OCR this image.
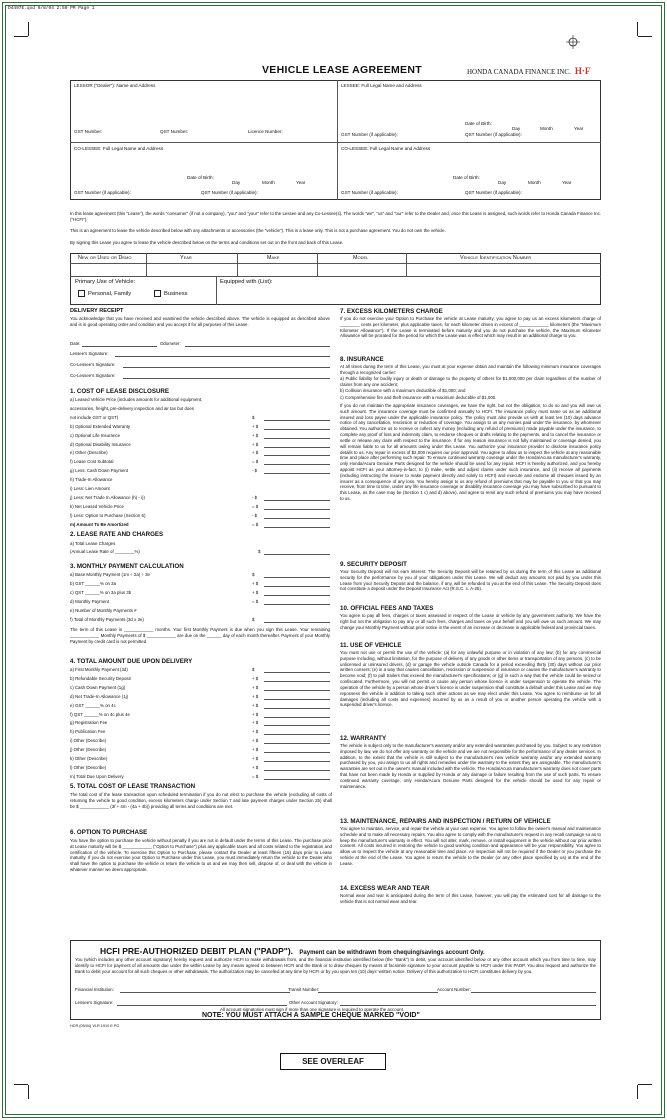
D4497E.qxd 9/8/04 2:50 PM Page 1
VEHICLE LEASE AGREEMENT	HONDA CANADA FINANCE INC. H·F
LESSOR ("Dealer"): Name and Address	LESSEE: Full Legal Name and Address
GST Number:	QST Number:	Licence Number:
Date of Birth:
Day	Month	Year
GST Number (if applicable):	QST Number (if applicable):
CO-LESSEE: Full Legal Name and Address	CO-LESSEE: Full Legal Name and Address
Date of Birth:
Day	Month	Year
GST Number (if applicable):	QST Number (if applicable):
Date of Birth:
Day	Month	Year
GST Number (if applicable):	QST Number (if applicable):
In this lease agreement (this "Lease"), the words "consumer" (if not a company), "you" and "your" refer to the Lessee and any Co-Lessee(s). The words "we", "us" and "our" refer to the Dealer and, once this Lease is assigned, such words refer to Honda Canada Finance Inc. ("HCFI").
This is an agreement to lease the vehicle described below with any attachments or accessories (the "vehicle"). This is a lease only. This is not a purchase agreement. You do not own the vehicle.
By signing this Lease you agree to lease the vehicle described below on the terms and conditions set out on the front and back of this Lease.
New or Used or Demo	Year	Make	Model	Vehicle Identification Number
Primary Use of Vehicle:
Personal, Family	Business
Equipped with (List):
DELIVERY RECEIPT
You acknowledge that you have received and examined the vehicle described above. The vehicle is equipped as described above and is in good operating order and condition and you accept it for all purposes of this Lease.
Date:	Odometer:
Lessee's Signature:
Co-Lessee's Signature:
Co-Lessee's Signature:
1. COST OF LEASE DISCLOSURE
a) Leased Vehicle Price (includes amounts for additional equipment,
accessories, freight, pre-delivery inspection and air tax but does
not include GST or QST)	$
b) Optional Extended Warranty	+ $
c) Optional Life Insurance	+ $
d) Optional Disability Insurance	+ $
e) Other (Describe)	+ $
f) Lease Cost Subtotal	= $
g) Less: Cash Down Payment	- $
h) Trade-In Allowance
i) Less: Lien Amount
j) Less: Net Trade In Allowance (h) - i))	- $
k) Net Leased Vehicle Price	= $
l) Less: Option to Purchase (Section 6)	- $
m) Amount To Be Amortized	= $
2. LEASE RATE AND CHARGES
a) Total Lease Charges
(Annual Lease Rate of ________%)	$
3. MONTHLY PAYMENT CALCULATION
a) Base Monthly Payment (1m ÷ 2a) ÷ 3e	$
b) GST ______% on 3a	+ $
c) QST ______% on 3a plus 3b	+ $
d) Monthly Payment	= $
e) Number of Monthly Payments #
f) Total of Monthly Payments (3d x 3e)	$
The term of this Lease is ____________ months. Your first Monthly Payment is due when you sign this Lease. Your remaining ____________ Monthly Payments of $ ____________ are due on the ______ day of each month thereafter. Payment of your Monthly Payment by credit card is not permitted.
4. TOTAL AMOUNT DUE UPON DELIVERY
a) First Monthly Payment (3d)	$
b) Refundable Security Deposit	+ $
c) Cash Down Payment (1g)	+ $
d) Net Trade-In Allowance (1j)	+ $
e) GST ______% on 4c	+ $
f) QST ______% on 4c plus 4e	+ $
g) Registration Fee	+ $
h) Publication Fee	+ $
i) Other (Describe)	+ $
j) Other (Describe)	+ $
k) Other (Describe)	+ $
l) Other (Describe)	+ $
m) Total Due Upon Delivery	= $
5. TOTAL COST OF LEASE TRANSACTION
The total cost of the lease transaction upon scheduled termination if you do not elect to purchase the vehicle (excluding all costs of returning the vehicle to good condition, excess kilometers charge under Section 7 and late payment charges under Section 25) shall be $ ____________ (3f + 4m - (4a + 4b)) providing all terms and conditions are met.
6. OPTION TO PURCHASE
You have the option to purchase the vehicle without penalty if you are not in default under the terms of this Lease. The purchase price at Lease maturity will be $ ____________ ("Option to Purchase") plus any applicable taxes and all costs related to the registration and certification of the vehicle. To exercise this Option to Purchase, please contact the Dealer at least fifteen (15) days prior to Lease maturity. If you do not exercise your Option to Purchase under this Lease, you must immediately return the vehicle to the Dealer who shall have the option to purchase the vehicle or return the vehicle to us and we may then sell, dispose of, or deal with the vehicle in whatever manner we deem appropriate.
7. EXCESS KILOMETERS CHARGE
If you do not exercise your Option to Purchase the vehicle at Lease maturity, you agree to pay us an excess kilometers charge of ________ cents per kilometer, plus applicable taxes, for each kilometer driven in excess of ____________ kilometers (the "Maximum Kilometer Allowance"). If the Lease is terminated before maturity and you do not purchase the vehicle, the Maximum Kilometer Allowance will be prorated for the period for which the Lease was in effect which may result in an additional charge to you.
8. INSURANCE
At all times during the term of this Lease, you must at your expense obtain and maintain the following minimum insurance coverages through a recognized carrier:
a) Public liability for bodily injury or death or damage to the property of others for $1,000,000 per claim regardless of the number of claims from any one accident;
b) Collision insurance with a maximum deductible of $1,000; and
c) Comprehensive fire and theft insurance with a maximum deductible of $1,000.
If you do not maintain the appropriate insurance coverages, we have the right, but not the obligation, to do so and you will owe us such amount. The insurance coverage must be confirmed annually to HCFI. The insurance policy must name us as an additional insured and loss payee under the applicable insurance policy. The policy must also provide us with at least ten (10) days advance notice of any cancellation, rescission or reduction of coverage. You assign to us any monies paid under the insurance, by whomever obtained. You authorize us to receive or collect any money (including any refund of premiums) made payable under the insurance, to complete any proof of loss and indemnity claim, to endorse cheques or drafts relating to the payments, and to cancel the insurance or settle or release any claim with respect to the insurance. If for any reason insurance is not fully maintained or coverage denied, you will remain liable to us for all amounts owing under this Lease. You authorize your insurance provider to disclose insurance policy details to us. Any repair in excess of $2,000 requires our prior approval. You agree to allow us to inspect the vehicle at any reasonable time and place after performing such repair. To ensure continued warranty coverage under the Honda/Acura manufacturer's warranty, only Honda/Acura Genuine Parts designed for the vehicle should be used for any repair. HCFI is hereby authorized, and you hereby appoint HCFI as your attorney-in-fact, to (i) make, settle and adjust claims under such insurance, and (ii) receive all payments (including instructing the insurer to make payment directly and solely to HCFI) and execute and endorse all cheques issued by an insurer as a consequence of any loss. You hereby assign to us any refund of premiums that may be payable to you or that you may receive, from time to time, under any life insurance coverage or disability insurance coverage you may have subscribed to pursuant to this Lease, as the case may be (Section 1 c) and d) above), and agree to remit any such refund of premiums you may have received to us.
9. SECURITY DEPOSIT
Your Security Deposit will not earn interest. The Security Deposit will be retained by us during the term of this Lease as additional security for the performance by you of your obligations under this Lease. We will deduct any amounts not paid by you under this Lease from your Security Deposit and the balance, if any, will be refunded to you at the end of this Lease. The Security Deposit does not constitute a deposit under the Deposit Insurance Act (R.S.C. c. A-26).
10. OFFICIAL FEES AND TAXES
You agree to pay all fees, charges or taxes assessed in respect of the Lease or vehicle by any government authority. We have the right but not the obligation to pay any or all such fees, charges and taxes on your behalf and you will owe us such amount. We may change your Monthly Payment without prior notice in the event of an increase or decrease in applicable federal and provincial taxes.
11. USE OF VEHICLE
You must not use or permit the use of the vehicle: (a) for any unlawful purpose or in violation of any law; (b) for any commercial purpose including, without limitation, for the purpose of delivery of any goods or other items or transportation of any persons, (c) to be unlicensed or uninsured drivers, (d) or garage the vehicle outside Canada for a period exceeding thirty (30) days without our prior written consent; (e) in a way that causes cancellation, rescission or suspension of insurance or causes the manufacturer's warranty to become void; (f) to pull trailers that exceed the manufacturer's specifications; or (g) in such a way that the vehicle could be seized or confiscated. Furthermore, you will not permit or cause any person whose licence is under suspension to operate the vehicle. The operation of the vehicle by a person whose driver's licence is under suspension shall constitute a default under this Lease and we may repossess the vehicle in addition to taking such other actions as we may elect under this Lease. You agree to reimburse us for all damages (including all costs and expenses) incurred by us as a result of you or another person operating the vehicle with a suspended driver's licence.
12. WARRANTY
The vehicle is subject only to the manufacturer's warranty and/or any extended warranties purchased by you. Subject to any restriction imposed by law, we do not offer any warranty on the vehicle and we are not responsible for the performance of any dealer services. In addition, to the extent that the vehicle is still subject to the manufacturer's new vehicle warranty and/or any extended warranty purchased by you, you assign to us all rights and remedies under the warranty to the extent they are assignable. The manufacturer's warranties are set out in the owner's manual included with the vehicle. The Honda/Acura manufacturer's warranty does not cover parts that have not been made by Honda or supplied by Honda or any damage or failure resulting from the use of such parts. To ensure continued warranty coverage, only Honda/Acura Genuine Parts designed for the vehicle should be used for any repair or maintenance.
13. MAINTENANCE, REPAIRS AND INSPECTION / RETURN OF VEHICLE
You agree to maintain, service, and repair the vehicle at your own expense. You agree to follow the owner's manual and maintenance schedule and to make all necessary repairs. You also agree to comply with the manufacturer's request in any recall campaign so as to keep the manufacturer's warranty in effect. You will not alter, mark, remove, or install equipment in the vehicle without our prior written consent. All costs incurred in restoring the vehicle to good working condition and appearance will be your responsibility. You agree to allow us to inspect the vehicle at any reasonable time and place. An inspection will not be required if the Dealer or you purchase the vehicle at the end of the Lease. You agree to return the vehicle to the Dealer (or any other place specified by us) at the end of the Lease.
14. EXCESS WEAR AND TEAR
Normal wear and tear is anticipated during the term of this Lease, however, you will pay the estimated cost for all damage to the vehicle that is not normal wear and tear.
HCFI PRE-AUTHORIZED DEBIT PLAN ("PADP"). Payment can be withdrawn from chequing/savings account Only.
You (which includes any other account signatory) hereby request and authorize HCFI to make withdrawals from, and the financial institution identified below (the "Bank") to debit, your account identified below or any other account which you from time to time, may identify to HCFI for payment of all amounts due under the within Lease by any means agreed to between HCFI and the Bank or to draw cheques by means of facsimile signature to your account payable to HCFI under this PADP. You also request and authorize the Bank to debit your account for all such cheques or other withdrawals. The authorization may be cancelled at any time by HCFI or by you upon ten (10) days' written notice. Delivery of this authorization to HCFI constitutes delivery by you.
Financial Institution:	Transit Number:	Account Number:
Lessee's Signature:	Other Account Signatory:
All account signatories must sign if more than one signature is required to operate the account.
NOTE: YOU MUST ATTACH A SAMPLE CHEQUE MARKED "VOID"
HCR (09/04) VLR 1910 E PG
SEE OVERLEAF
